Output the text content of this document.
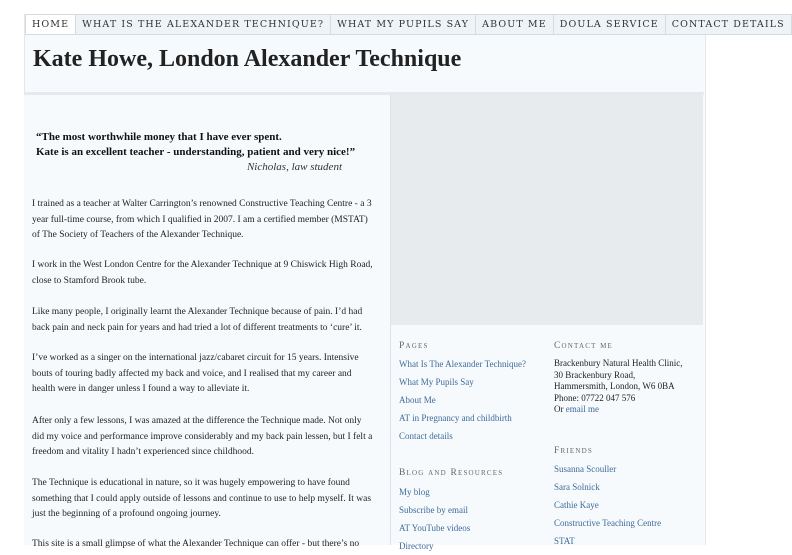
HOME	WHAT IS THE ALEXANDER TECHNIQUE?	WHAT MY PUPILS SAY	ABOUT ME	DOULA SERVICE	CONTACT DETAILS
Kate Howe, London Alexander Technique
“The most worthwhile money that I have ever spent.
Kate is an excellent teacher - understanding, patient and very nice!”
Nicholas, law student
I trained as a teacher at Walter Carrington’s renowned Constructive Teaching Centre - a 3 year full-time course, from which I qualified in 2007. I am a certified member (MSTAT) of The Society of Teachers of the Alexander Technique.
I work in the West London Centre for the Alexander Technique at 9 Chiswick High Road, close to Stamford Brook tube.
Like many people, I originally learnt the Alexander Technique because of pain. I’d had back pain and neck pain for years and had tried a lot of different treatments to ‘cure’ it.
I’ve worked as a singer on the international jazz/cabaret circuit for 15 years. Intensive bouts of touring badly affected my back and voice, and I realised that my career and health were in danger unless I found a way to alleviate it.
After only a few lessons, I was amazed at the difference the Technique made. Not only did my voice and performance improve considerably and my back pain lessen, but I felt a freedom and vitality I hadn’t experienced since childhood.
The Technique is educational in nature, so it was hugely empowering to have found something that I could apply outside of lessons and continue to use to help myself. It was just the beginning of a profound ongoing journey.
This site is a small glimpse of what the Alexander Technique can offer - but there’s no
Pages
What Is The Alexander Technique?
What My Pupils Say
About Me
AT in Pregnancy and childbirth
Contact details
Blog and Resources
My blog
Subscribe by email
AT YouTube videos
Directory
Contact me
Brackenbury Natural Health Clinic,
30 Brackenbury Road,
Hammersmith, London, W6 0BA
Phone: 07722 047 576
Or email me
Friends
Susanna Scouller
Sara Solnick
Cathie Kaye
Constructive Teaching Centre
STAT
